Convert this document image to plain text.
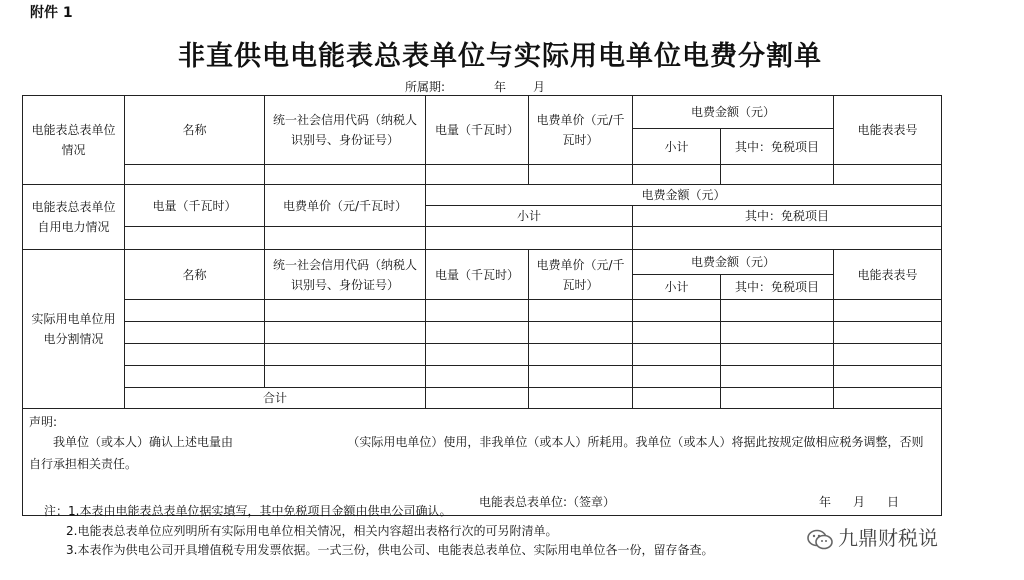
附件 1
非直供电电能表总表单位与实际用电单位电费分割单
所属期:	年 月
电能表总表单位情况	名称	统一社会信用代码（纳税人识别号、身份证号）	电量（千瓦时）	电费单价（元/千瓦时）	电费金额（元）		电能表表号
					小计	其中：免税项目	

电能表总表单位自用电力情况	电量（千瓦时）	电费单价（元/千瓦时）	电费金额（元）				
			小计		其中：免税项目		

实际用电单位用电分割情况	名称	统一社会信用代码（纳税人识别号、身份证号）	电量（千瓦时）	电费单价（元/千瓦时）	电费金额（元）		电能表表号
					小计	其中：免税项目	

	合计						

声明:
我单位（或本人）确认上述电量由                              （实际用电单位）使用，非我单位（或本人）所耗用。我单位（或本人）将据此按规定做相应税务调整，否则自行承担相关责任。
电能表总表单位:（签章） 年 月 日							
注：1.本表由电能表总表单位据实填写，其中免税项目金额由供电公司确认。
2.电能表总表单位应列明所有实际用电单位相关情况，相关内容超出表格行次的可另附清单。
3.本表作为供电公司开具增值税专用发票依据。一式三份，供电公司、电能表总表单位、实际用电单位各一份，留存备查。	九鼎财税说
